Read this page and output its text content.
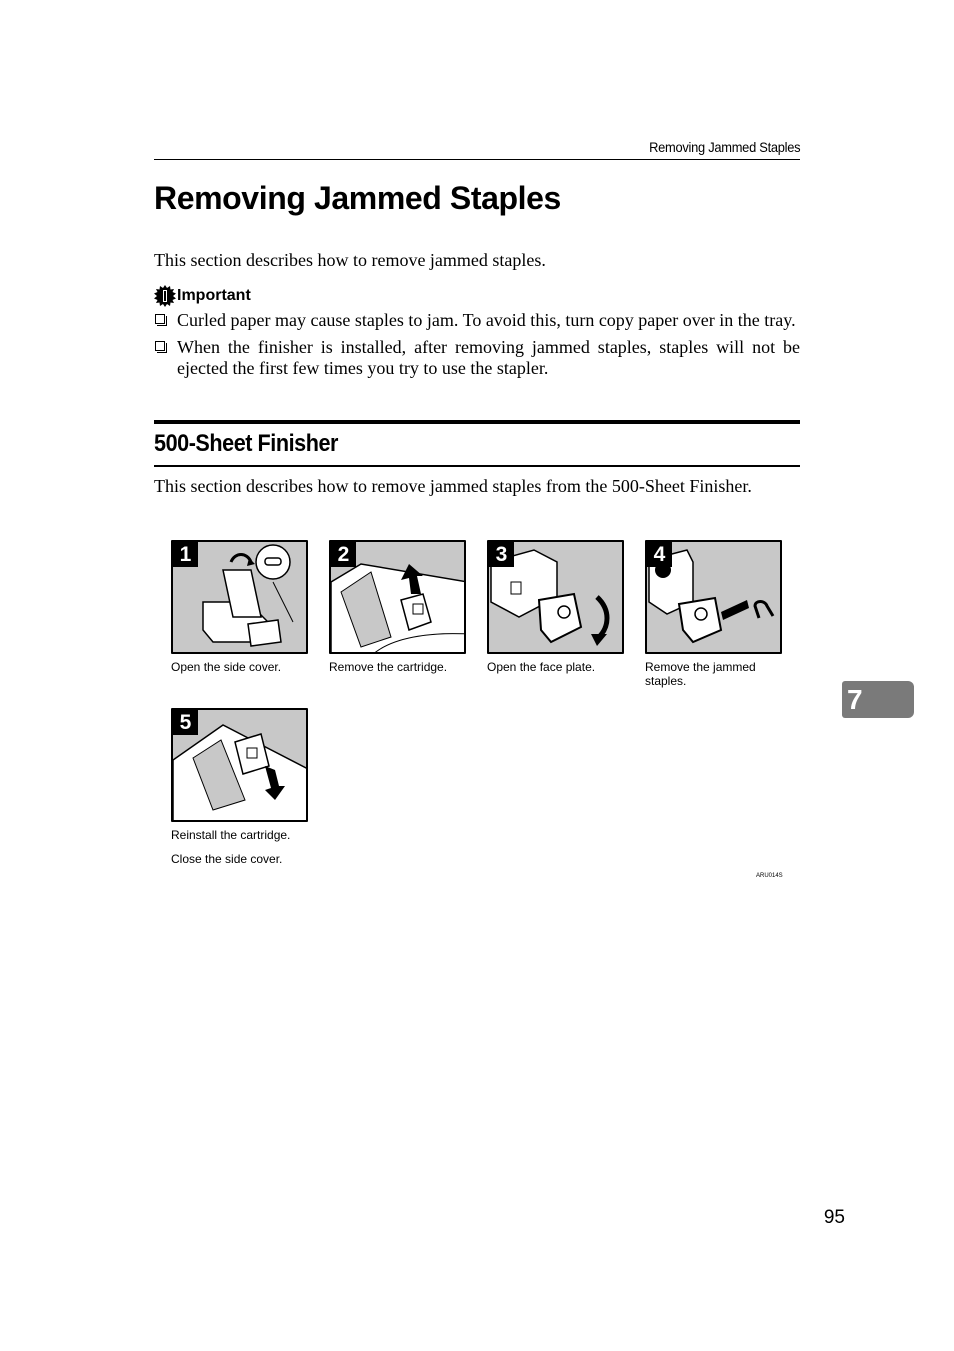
Removing Jammed Staples
Removing Jammed Staples
This section describes how to remove jammed staples.
Important
Curled paper may cause staples to jam. To avoid this, turn copy paper over in the tray.
When the finisher is installed, after removing jammed staples, staples will not be ejected the first few times you try to use the stapler.
500-Sheet Finisher
This section describes how to remove jammed staples from the 500-Sheet Finisher.
1
Open the side cover.
2
Remove the cartridge.
3
Open the face plate.
4
Remove the jammed staples.
5
Reinstall the cartridge.
Close the side cover.
ARU014S
7
95
